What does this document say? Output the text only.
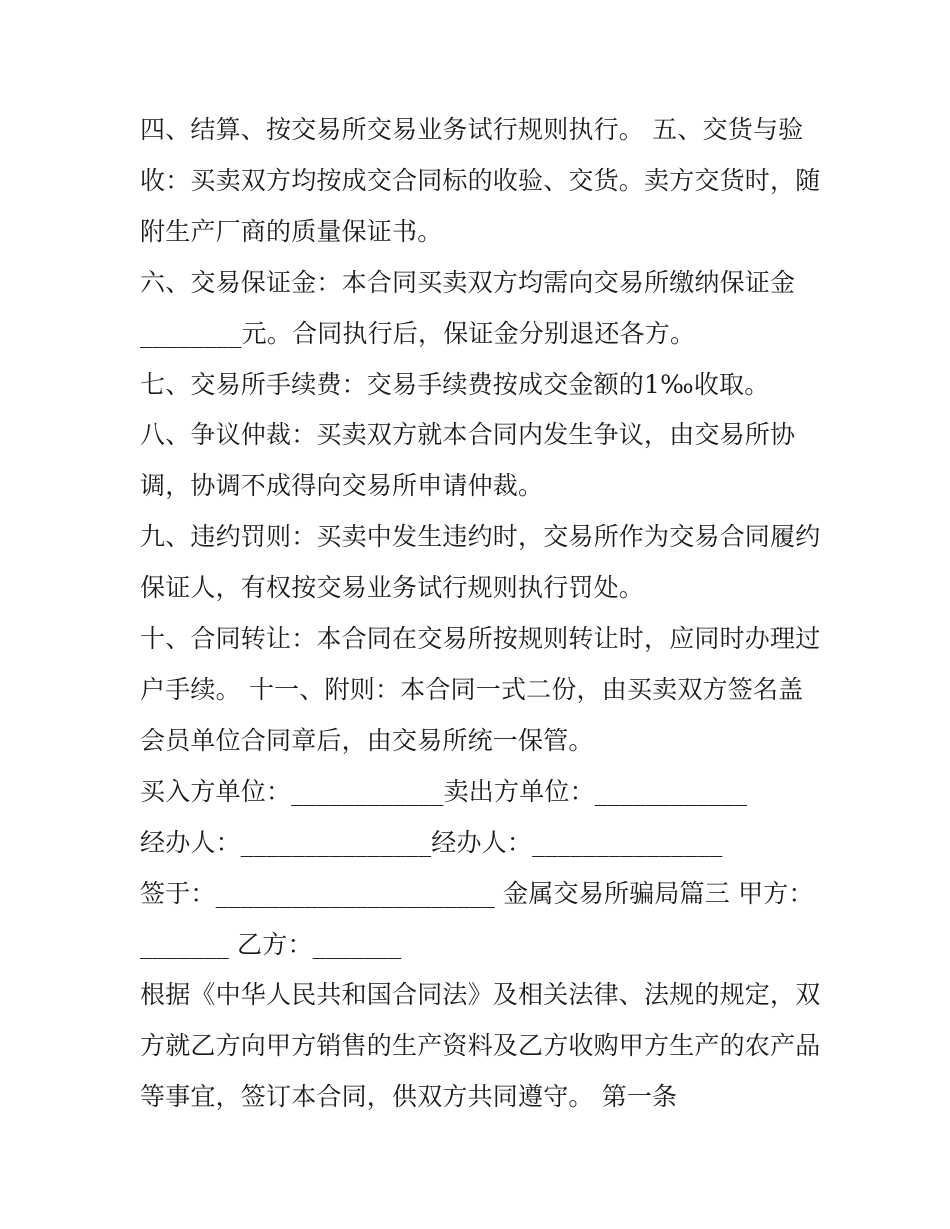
四、结算、按交易所交易业务试行规则执行。 五、交货与验

收：买卖双方均按成交合同标的收验、交货。卖方交货时，随

附生产厂商的质量保证书。

六、交易保证金：本合同买卖双方均需向交易所缴纳保证金

________元。合同执行后，保证金分别退还各方。

七、交易所手续费：交易手续费按成交金额的1‰收取。

八、争议仲裁：买卖双方就本合同内发生争议，由交易所协

调，协调不成得向交易所申请仲裁。

九、违约罚则：买卖中发生违约时，交易所作为交易合同履约

保证人，有权按交易业务试行规则执行罚处。

十、合同转让：本合同在交易所按规则转让时，应同时办理过

户手续。 十一、附则：本合同一式二份，由买卖双方签名盖

会员单位合同章后，由交易所统一保管。

买入方单位：____________卖出方单位：____________

经办人：_______________经办人：_______________

签于：______________________ 金属交易所骗局篇三 甲方：

_______ 乙方：_______

根据《中华人民共和国合同法》及相关法律、法规的规定，双

方就乙方向甲方销售的生产资料及乙方收购甲方生产的农产品

等事宜，签订本合同，供双方共同遵守。 第一条
